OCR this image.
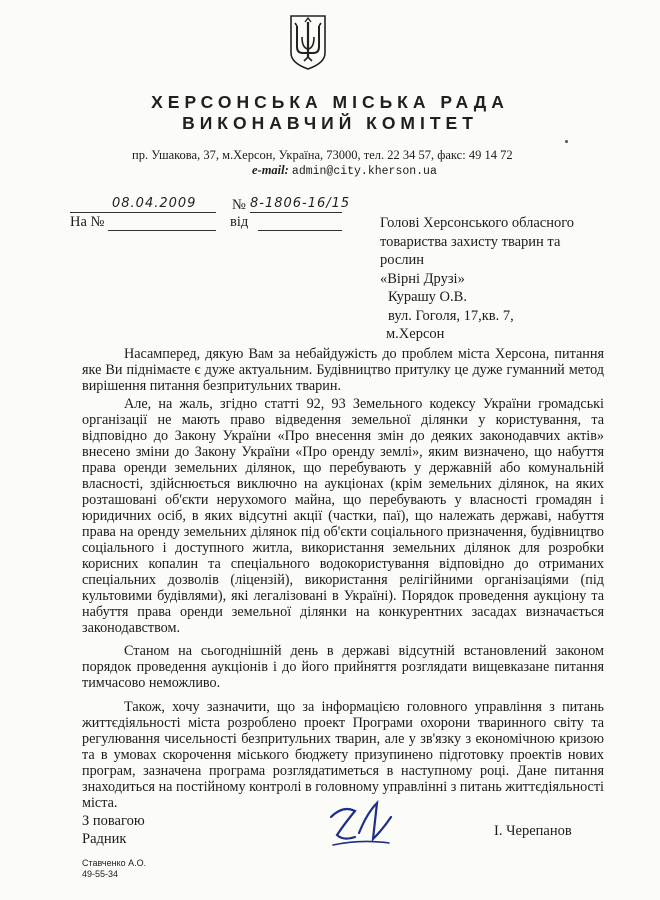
ХЕРСОНСЬКА МІСЬКА РАДА
ВИКОНАВЧИЙ КОМІТЕТ
пр. Ушакова, 37, м.Херсон, Україна, 73000, тел. 22 34 57, факс: 49 14 72
e-mail: admin@city.kherson.ua
08.04.2009 № 8-1806-16/15
На №	від	Голові Херсонського обласного
товариства захисту тварин та
рослин
«Вірні Друзі»
Курашу О.В.
вул. Гоголя, 17,кв. 7,
м.Херсон

Насамперед, дякую Вам за небайдужість до проблем міста Херсона, питання яке Ви піднімаєте є дуже актуальним. Будівництво притулку це дуже гуманний метод вирішення питання безпритульних тварин.

Але, на жаль, згідно статті 92, 93 Земельного кодексу України громадські організації не мають право відведення земельної ділянки у користування, та відповідно до Закону України «Про внесення змін до деяких законодавчих актів» внесено зміни до Закону України «Про оренду землі», яким визначено, що набуття права оренди земельних ділянок, що перебувають у державній або комунальній власності, здійснюється виключно на аукціонах (крім земельних ділянок, на яких розташовані об'єкти нерухомого майна, що перебувають у власності громадян і юридичних осіб, в яких відсутні акції (частки, паї), що належать державі, набуття права на оренду земельних ділянок під об'єкти соціального призначення, будівництво соціального і доступного житла, використання земельних ділянок для розробки корисних копалин та спеціального водокористування відповідно до отриманих спеціальних дозволів (ліцензій), використання релігійними організаціями (під культовими будівлями), які легалізовані в Україні). Порядок проведення аукціону та набуття права оренди земельної ділянки на конкурентних засадах визначається законодавством.

Станом на сьогоднішній день в державі відсутній встановлений законом порядок проведення аукціонів і до його прийняття розглядати вищевказане питання тимчасово неможливо.

Також, хочу зазначити, що за інформацією головного управління з питань життєдіяльності міста розроблено проект Програми охорони тваринного світу та регулювання чисельності безпритульних тварин, але у зв'язку з економічною кризою та в умовах скорочення міського бюджету призупинено підготовку проектів нових програм, зазначена програма розглядатиметься в наступному році. Дане питання знаходиться на постійному контролі в головному управлінні з питань життєдіяльності міста.

З повагою
Радник	І. Черепанов
Ставченко А.О.
49-55-34
